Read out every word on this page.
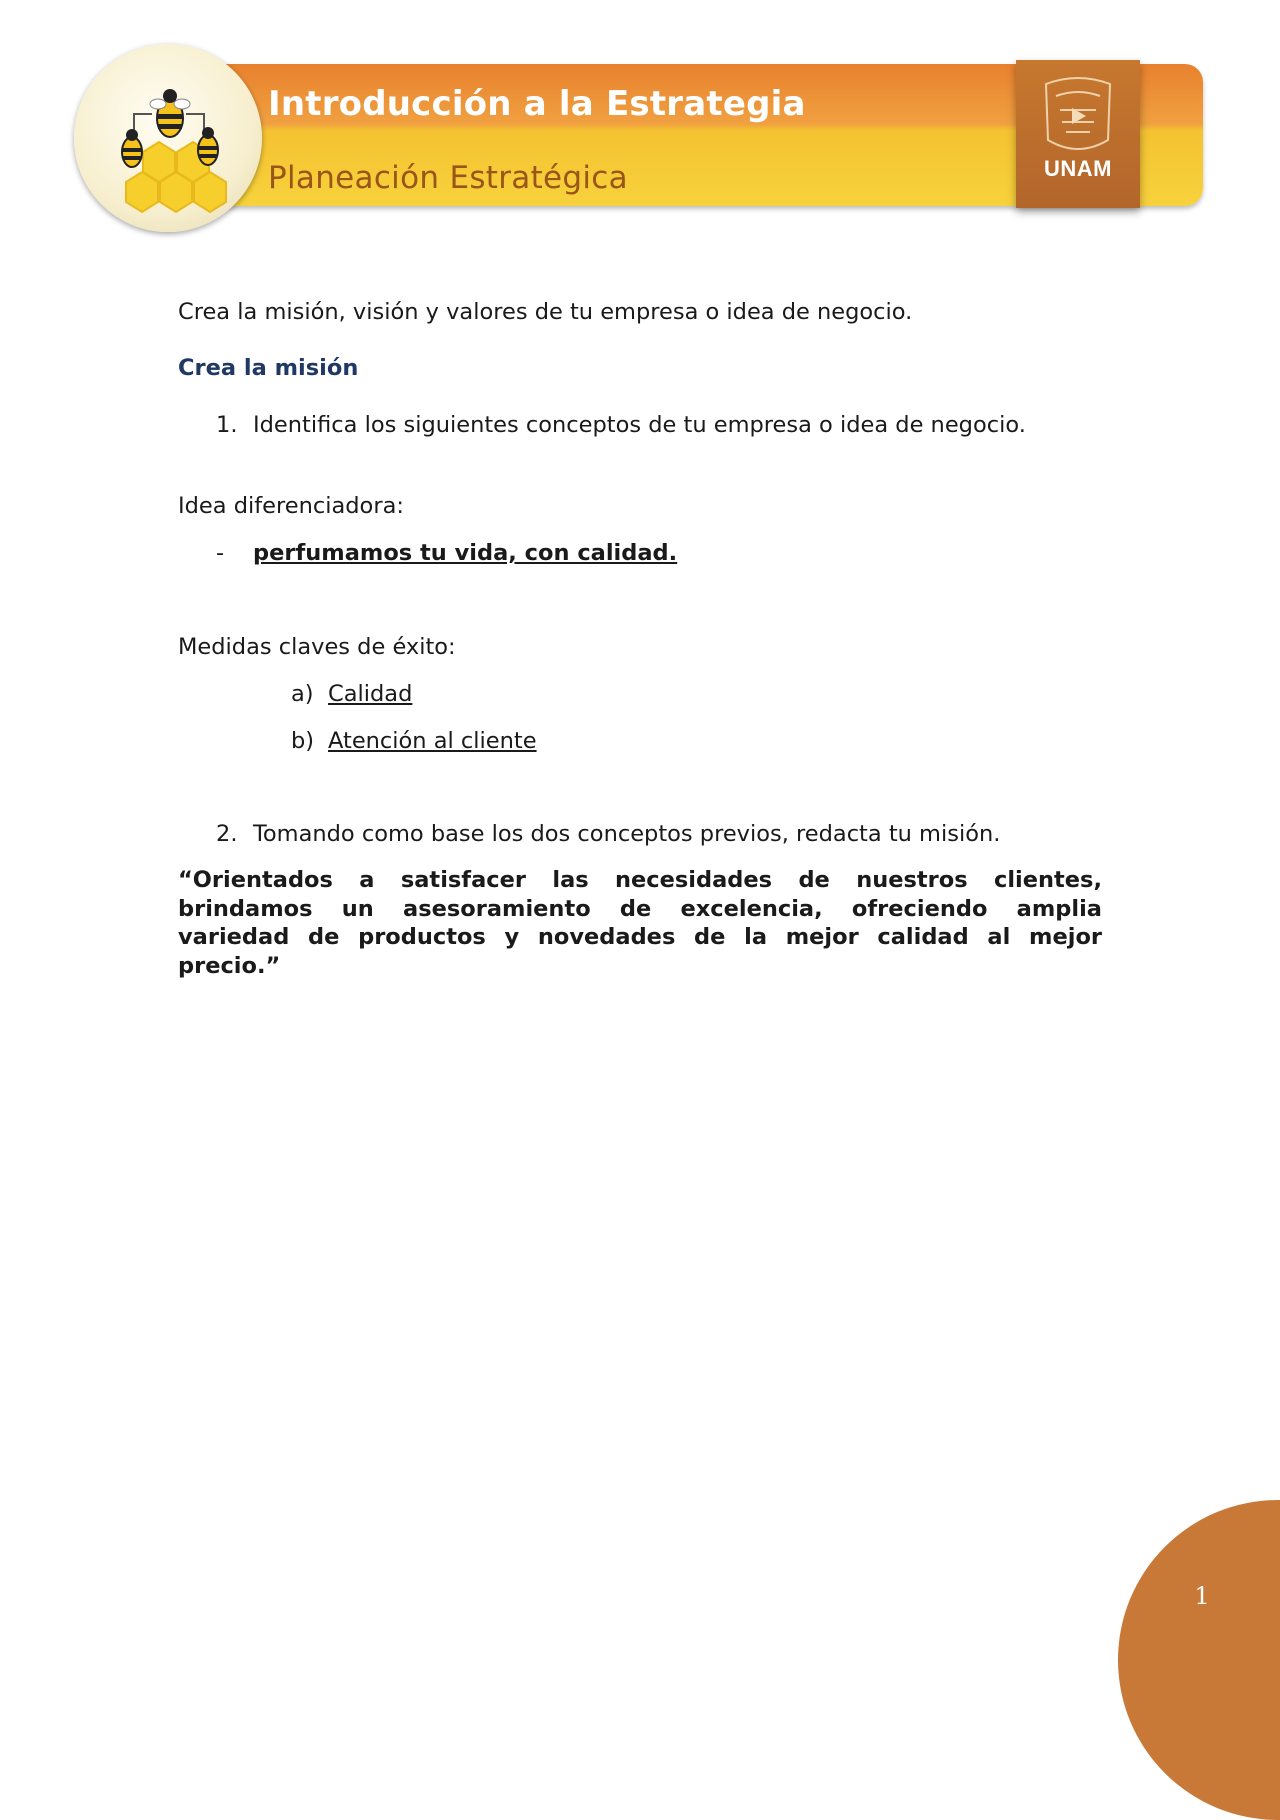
Introducción a la Estrategia
Planeación Estratégica	UNAM
Crea la misión, visión y valores de tu empresa o idea de negocio.
Crea la misión
1. Identifica los siguientes conceptos de tu empresa o idea de negocio.
Idea diferenciadora:
- perfumamos tu vida, con calidad.
Medidas claves de éxito:
a) Calidad
b) Atención al cliente
2. Tomando como base los dos conceptos previos, redacta tu misión.
“Orientados a satisfacer las necesidades de nuestros clientes, brindamos un asesoramiento de excelencia, ofreciendo amplia variedad de productos y novedades de la mejor calidad al mejor precio.”
1
